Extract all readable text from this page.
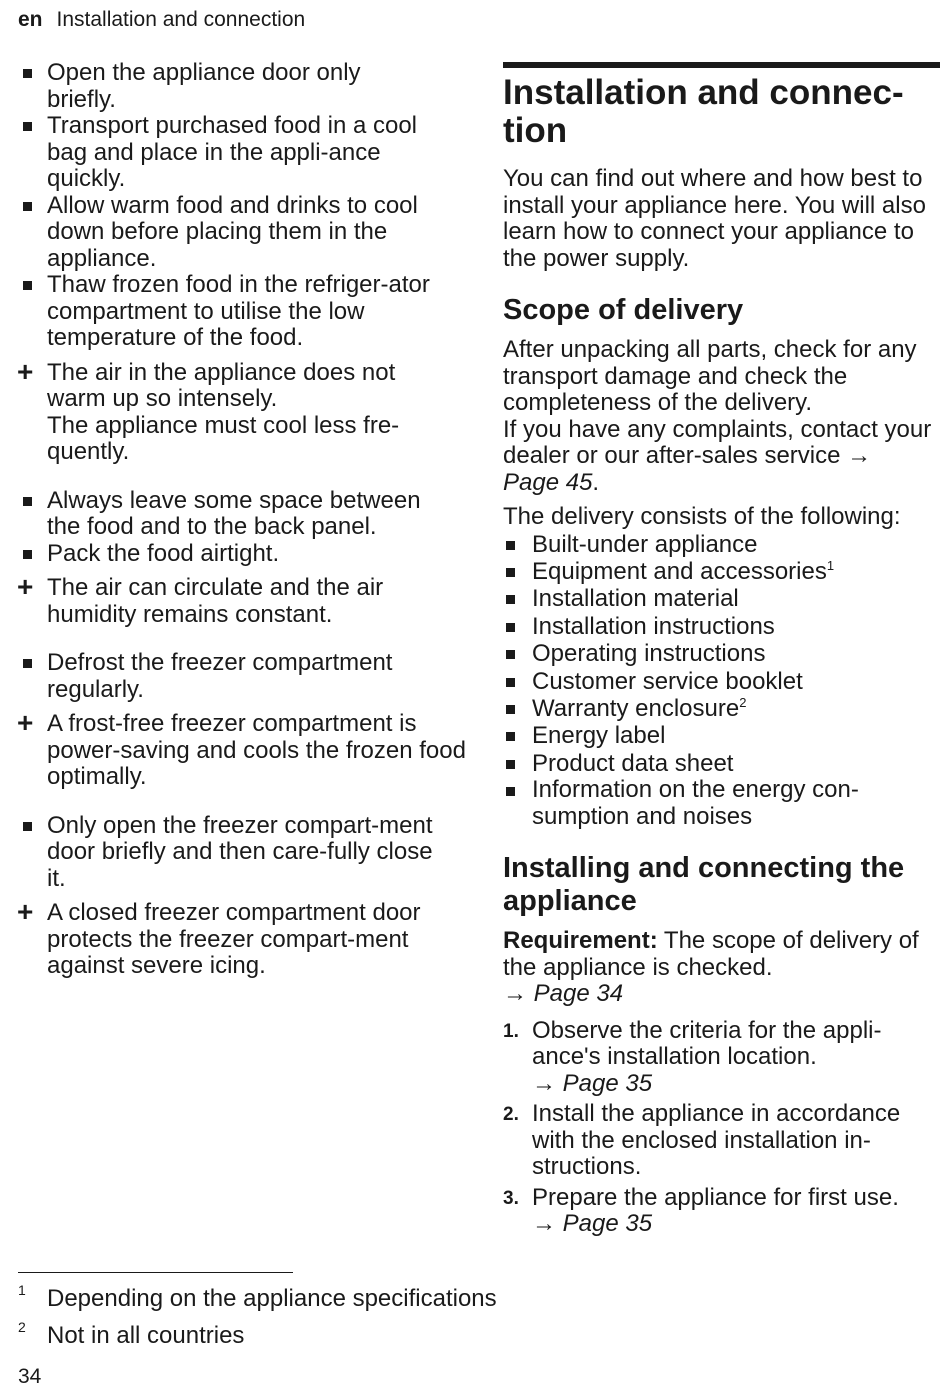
en Installation and connection
Open the appliance door only briefly.
Transport purchased food in a cool bag and place in the appli-ance quickly.
Allow warm food and drinks to cool down before placing them in the appliance.
Thaw frozen food in the refriger-ator compartment to utilise the low temperature of the food.
+ The air in the appliance does not warm up so intensely.
The appliance must cool less fre-quently.
Always leave some space between the food and to the back panel.
Pack the food airtight.
+ The air can circulate and the air humidity remains constant.
Defrost the freezer compartment regularly.
+ A frost-free freezer compartment is power-saving and cools the frozen food optimally.
Only open the freezer compart-ment door briefly and then care-fully close it.
+ A closed freezer compartment door protects the freezer compart-ment against severe icing.
Installation and connec-tion
You can find out where and how best to install your appliance here. You will also learn how to connect your appliance to the power supply.
Scope of delivery
After unpacking all parts, check for any transport damage and check the completeness of the delivery.
If you have any complaints, contact your dealer or our after-sales service → Page 45.
The delivery consists of the following:
Built-under appliance
Equipment and accessories$^1$
Installation material
Installation instructions
Operating instructions
Customer service booklet
Warranty enclosure$^2$
Energy label
Product data sheet
Information on the energy con-sumption and noises
Installing and connecting the appliance
Requirement: The scope of delivery of the appliance is checked.
→ Page 34
1. Observe the criteria for the appli-ance's installation location.
→ Page 35
2. Install the appliance in accordance with the enclosed installation in-structions.
3. Prepare the appliance for first use.
→ Page 35
1 Depending on the appliance specifications
2 Not in all countries
34
